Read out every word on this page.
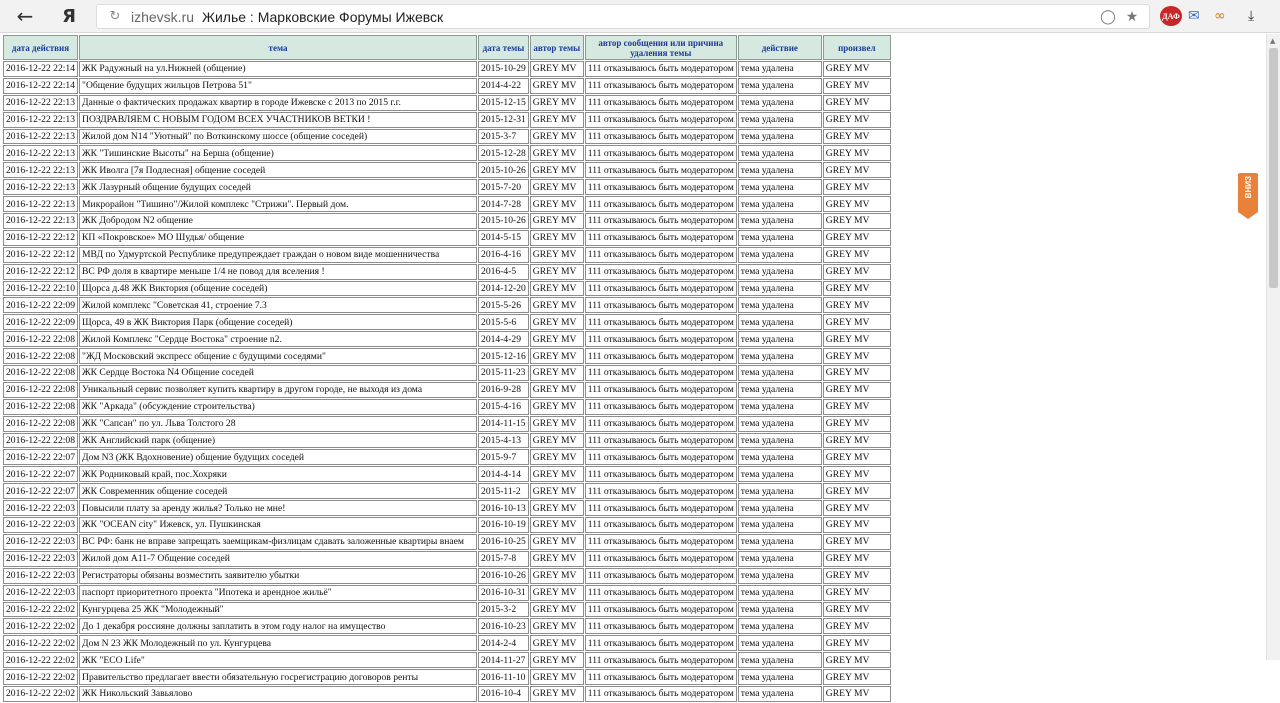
← Я	↻ izhevsk.ru Жилье : Марковские Форумы Ижевск	◯ ★	ДАФ ✉ ∞ ⤓
дата действия	тема	дата темы	автор темы	автор сообщения или причина удаления темы	действие	произвел
2016-12-22 22:14	ЖК Радужный на ул.Нижней (общение)	2015-10-29	GREY MV	111 отказываюсь быть модератором	тема удалена	GREY MV
2016-12-22 22:14	"Общение будущих жильцов Петрова 51"	2014-4-22	GREY MV	111 отказываюсь быть модератором	тема удалена	GREY MV
2016-12-22 22:13	Данные о фактических продажах квартир в городе Ижевске с 2013 по 2015 г.г.	2015-12-15	GREY MV	111 отказываюсь быть модератором	тема удалена	GREY MV
2016-12-22 22:13	ПОЗДРАВЛЯЕМ С НОВЫМ ГОДОМ ВСЕХ УЧАСТНИКОВ ВЕТКИ !	2015-12-31	GREY MV	111 отказываюсь быть модератором	тема удалена	GREY MV
2016-12-22 22:13	Жилой дом N14 "Уютный" по Воткинскому шоссе (общение соседей)	2015-3-7	GREY MV	111 отказываюсь быть модератором	тема удалена	GREY MV
2016-12-22 22:13	ЖК "Тишинские Высоты" на Берша (общение)	2015-12-28	GREY MV	111 отказываюсь быть модератором	тема удалена	GREY MV
2016-12-22 22:13	ЖК Иволга [7я Подлесная] общение соседей	2015-10-26	GREY MV	111 отказываюсь быть модератором	тема удалена	GREY MV
2016-12-22 22:13	ЖК Лазурный общение будущих соседей	2015-7-20	GREY MV	111 отказываюсь быть модератором	тема удалена	GREY MV
2016-12-22 22:13	Микрорайон "Тишино"/Жилой комплекс "Стрижи". Первый дом.	2014-7-28	GREY MV	111 отказываюсь быть модератором	тема удалена	GREY MV
2016-12-22 22:13	ЖК Добродом N2 общение	2015-10-26	GREY MV	111 отказываюсь быть модератором	тема удалена	GREY MV
2016-12-22 22:12	КП «Покровское» МО Шудья/ общение	2014-5-15	GREY MV	111 отказываюсь быть модератором	тема удалена	GREY MV
2016-12-22 22:12	МВД по Удмуртской Республике предупреждает граждан о новом виде мошенничества	2016-4-16	GREY MV	111 отказываюсь быть модератором	тема удалена	GREY MV
2016-12-22 22:12	ВС РФ доля в квартире меньше 1/4 не повод для вселения !	2016-4-5	GREY MV	111 отказываюсь быть модератором	тема удалена	GREY MV
2016-12-22 22:10	Щорса д.48 ЖК Виктория (общение соседей)	2014-12-20	GREY MV	111 отказываюсь быть модератором	тема удалена	GREY MV
2016-12-22 22:09	Жилой комплекс "Советская 41, строение 7.3	2015-5-26	GREY MV	111 отказываюсь быть модератором	тема удалена	GREY MV
2016-12-22 22:09	Щорса, 49 в ЖК Виктория Парк (общение соседей)	2015-5-6	GREY MV	111 отказываюсь быть модератором	тема удалена	GREY MV
2016-12-22 22:08	Жилой Комплекс "Сердце Востока" строение n2.	2014-4-29	GREY MV	111 отказываюсь быть модератором	тема удалена	GREY MV
2016-12-22 22:08	"ЖД Московский экспресс общение с будущими соседями"	2015-12-16	GREY MV	111 отказываюсь быть модератором	тема удалена	GREY MV
2016-12-22 22:08	ЖК Сердце Востока N4 Общение соседей	2015-11-23	GREY MV	111 отказываюсь быть модератором	тема удалена	GREY MV
2016-12-22 22:08	Уникальный сервис позволяет купить квартиру в другом городе, не выходя из дома	2016-9-28	GREY MV	111 отказываюсь быть модератором	тема удалена	GREY MV
2016-12-22 22:08	ЖК "Аркада" (обсуждение строительства)	2015-4-16	GREY MV	111 отказываюсь быть модератором	тема удалена	GREY MV
2016-12-22 22:08	ЖК "Сапсан" по ул. Льва Толстого 28	2014-11-15	GREY MV	111 отказываюсь быть модератором	тема удалена	GREY MV
2016-12-22 22:08	ЖК Английский парк (общение)	2015-4-13	GREY MV	111 отказываюсь быть модератором	тема удалена	GREY MV
2016-12-22 22:07	Дом N3 (ЖК Вдохновение) общение будущих соседей	2015-9-7	GREY MV	111 отказываюсь быть модератором	тема удалена	GREY MV
2016-12-22 22:07	ЖК Родниковый край, пос.Хохряки	2014-4-14	GREY MV	111 отказываюсь быть модератором	тема удалена	GREY MV
2016-12-22 22:07	ЖК Современник общение соседей	2015-11-2	GREY MV	111 отказываюсь быть модератором	тема удалена	GREY MV
2016-12-22 22:03	Повысили плату за аренду жилья? Только не мне!	2016-10-13	GREY MV	111 отказываюсь быть модератором	тема удалена	GREY MV
2016-12-22 22:03	ЖК "OCEAN city" Ижевск, ул. Пушкинская	2016-10-19	GREY MV	111 отказываюсь быть модератором	тема удалена	GREY MV
2016-12-22 22:03	ВС РФ: банк не вправе запрещать заемщикам-физлицам сдавать заложенные квартиры внаем	2016-10-25	GREY MV	111 отказываюсь быть модератором	тема удалена	GREY MV
2016-12-22 22:03	Жилой дом А11-7 Общение соседей	2015-7-8	GREY MV	111 отказываюсь быть модератором	тема удалена	GREY MV
2016-12-22 22:03	Регистраторы обязаны возместить заявителю убытки	2016-10-26	GREY MV	111 отказываюсь быть модератором	тема удалена	GREY MV
2016-12-22 22:03	паспорт приоритетного проекта "Ипотека и арендное жильё"	2016-10-31	GREY MV	111 отказываюсь быть модератором	тема удалена	GREY MV
2016-12-22 22:02	Кунгурцева 25 ЖК "Молодежный"	2015-3-2	GREY MV	111 отказываюсь быть модератором	тема удалена	GREY MV
2016-12-22 22:02	До 1 декабря россияне должны заплатить в этом году налог на имущество	2016-10-23	GREY MV	111 отказываюсь быть модератором	тема удалена	GREY MV
2016-12-22 22:02	Дом N 23 ЖК Молодежный по ул. Кунгурцева	2014-2-4	GREY MV	111 отказываюсь быть модератором	тема удалена	GREY MV
2016-12-22 22:02	ЖК "ECO Life"	2014-11-27	GREY MV	111 отказываюсь быть модератором	тема удалена	GREY MV
2016-12-22 22:02	Правительство предлагает ввести обязательную госрегистрацию договоров ренты	2016-11-10	GREY MV	111 отказываюсь быть модератором	тема удалена	GREY MV
2016-12-22 22:02	ЖК Никольский Завьялово	2016-10-4	GREY MV	111 отказываюсь быть модератором	тема удалена	GREY MV
ВНИЗ
▲
